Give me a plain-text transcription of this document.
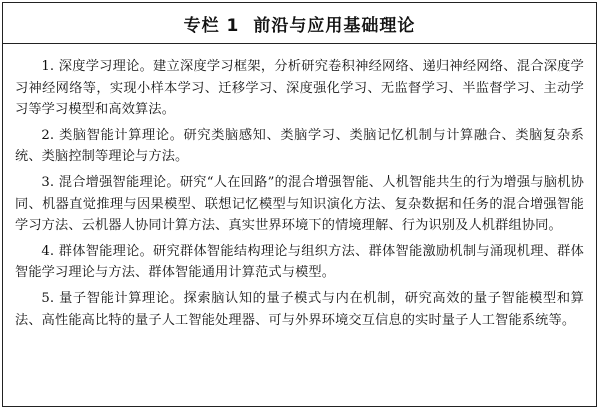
专栏 1 前沿与应用基础理论

1. 深度学习理论。建立深度学习框架，分析研究卷积神经网络、递归神经网络、混合深度学习神经网络等，实现小样本学习、迁移学习、深度强化学习、无监督学习、半监督学习、主动学习等学习模型和高效算法。

2. 类脑智能计算理论。研究类脑感知、类脑学习、类脑记忆机制与计算融合、类脑复杂系统、类脑控制等理论与方法。

3. 混合增强智能理论。研究“人在回路”的混合增强智能、人机智能共生的行为增强与脑机协同、机器直觉推理与因果模型、联想记忆模型与知识演化方法、复杂数据和任务的混合增强智能学习方法、云机器人协同计算方法、真实世界环境下的情境理解、行为识别及人机群组协同。

4. 群体智能理论。研究群体智能结构理论与组织方法、群体智能激励机制与涌现机理、群体智能学习理论与方法、群体智能通用计算范式与模型。

5. 量子智能计算理论。探索脑认知的量子模式与内在机制，研究高效的量子智能模型和算法、高性能高比特的量子人工智能处理器、可与外界环境交互信息的实时量子人工智能系统等。
